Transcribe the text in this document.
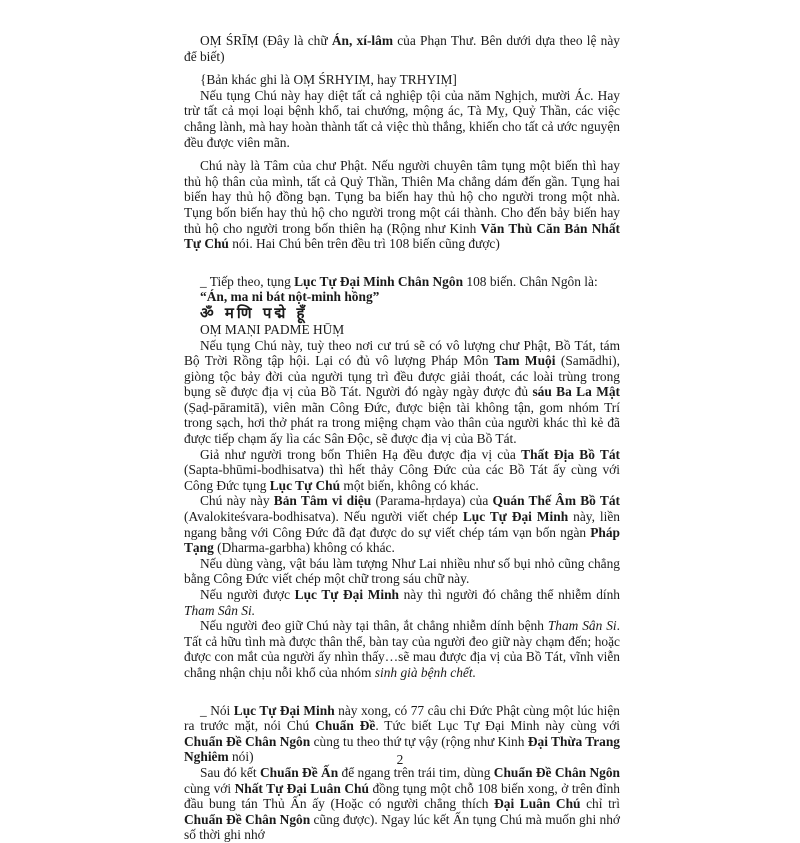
OṂ ŚRĪṂ (Đây là chữ Án, xí-lâm của Phạn Thư. Bên dưới dựa theo lệ này để biết)

{Bản khác ghi là OṂ ŚRHYIṂ, hay TRHYIṂ]

Nếu tụng Chú này hay diệt tất cả nghiệp tội của năm Nghịch, mười Ác. Hay trừ tất cả mọi loại bệnh khổ, tai chướng, mộng ác, Tà Mỵ, Quỷ Thần, các việc chẳng lành, mà hay hoàn thành tất cả việc thù thắng, khiến cho tất cả ước nguyện đều được viên mãn.

Chú này là Tâm của chư Phật. Nếu người chuyên tâm tụng một biến thì hay thủ hộ thân của mình, tất cả Quỷ Thần, Thiên Ma chẳng dám đến gần. Tụng hai biến hay thủ hộ đồng bạn. Tụng ba biến hay thủ hộ cho người trong một nhà. Tụng bốn biến hay thủ hộ cho người trong một cái thành. Cho đến bảy biến hay thủ hộ cho người trong bốn thiên hạ (Rộng như Kinh Văn Thù Căn Bản Nhất Tự Chú nói. Hai Chú bên trên đều trì 108 biến cũng được)

_ Tiếp theo, tụng Lục Tự Đại Minh Chân Ngôn 108 biến. Chân Ngôn là:

“Án, ma ni bát nột-minh hồng”

ॐ मणि पद्मे हूँ

OṂ MAṆI PADME HŪṂ

Nếu tụng Chú này, tuỳ theo nơi cư trú sẽ có vô lượng chư Phật, Bồ Tát, tám Bộ Trời Rồng tập hội. Lại có đủ vô lượng Pháp Môn Tam Muội (Samādhi), giòng tộc bảy đời của người tụng trì đều được giải thoát, các loài trùng trong bụng sẽ được địa vị của Bồ Tát. Người đó ngày ngày được đủ sáu Ba La Mật (Ṣaḍ-pāramitā), viên mãn Công Đức, được biện tài không tận, gom nhóm Trí trong sạch, hơi thở phát ra trong miệng chạm vào thân của người khác thì kẻ đã được tiếp chạm ấy lìa các Sân Độc, sẽ được địa vị của Bồ Tát.

Giả như người trong bốn Thiên Hạ đều được địa vị của Thất Địa Bồ Tát (Sapta-bhūmi-bodhisatva) thì hết thảy Công Đức của các Bồ Tát ấy cùng với Công Đức tụng Lục Tự Chú một biến, không có khác.

Chú này này Bản Tâm vi diệu (Parama-hṛdaya) của Quán Thế Âm Bồ Tát (Avalokiteśvara-bodhisatva). Nếu người viết chép Lục Tự Đại Minh này, liền ngang bằng với Công Đức đã đạt được do sự viết chép tám vạn bốn ngàn Pháp Tạng (Dharma-garbha) không có khác.

Nếu dùng vàng, vật báu làm tượng Như Lai nhiều như số bụi nhỏ cũng chẳng bằng Công Đức viết chép một chữ trong sáu chữ này.

Nếu người được Lục Tự Đại Minh này thì người đó chẳng thể nhiễm dính Tham Sân Si.

Nếu người đeo giữ Chú này tại thân, ắt chẳng nhiễm dính bệnh Tham Sân Si. Tất cả hữu tình mà được thân thể, bàn tay của người đeo giữ này chạm đến; hoặc được con mắt của người ấy nhìn thấy…sẽ mau được địa vị của Bồ Tát, vĩnh viễn chẳng nhận chịu nỗi khổ của nhóm sinh già bệnh chết.

_ Nói Lục Tự Đại Minh này xong, có 77 câu chi Đức Phật cùng một lúc hiện ra trước mặt, nói Chú Chuẩn Đề. Tức biết Lục Tự Đại Minh này cùng với Chuẩn Đề Chân Ngôn cùng tu theo thứ tự vậy (rộng như Kinh Đại Thừa Trang Nghiêm nói)

Sau đó kết Chuẩn Đề Ấn để ngang trên trái tim, dùng Chuẩn Đề Chân Ngôn cùng với Nhất Tự Đại Luân Chú đồng tụng một chỗ 108 biến xong, ở trên đỉnh đầu bung tán Thủ Ấn ấy (Hoặc có người chẳng thích Đại Luân Chú chỉ trì Chuẩn Đề Chân Ngôn cũng được). Ngay lúc kết Ấn tụng Chú mà muốn ghi nhớ số thời ghi nhớ

2
